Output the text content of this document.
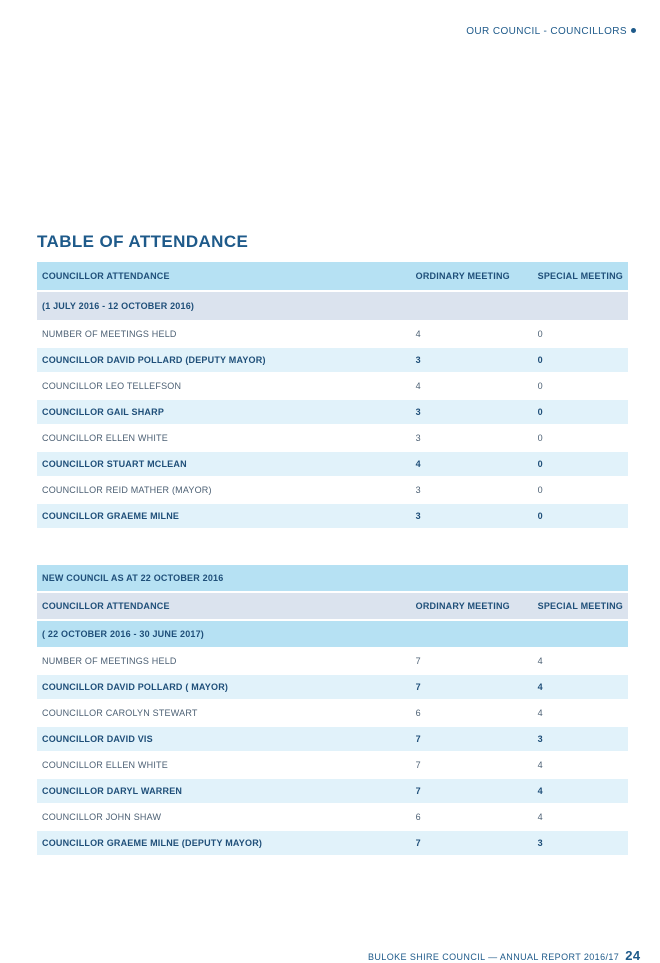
OUR COUNCIL - COUNCILLORS
TABLE OF ATTENDANCE
COUNCILLOR ATTENDANCE	ORDINARY MEETING	SPECIAL MEETING
(1 JULY 2016 - 12 OCTOBER 2016)		
NUMBER OF MEETINGS HELD	4	0
COUNCILLOR DAVID POLLARD (DEPUTY MAYOR)	3	0
COUNCILLOR LEO TELLEFSON	4	0
COUNCILLOR GAIL SHARP	3	0
COUNCILLOR ELLEN WHITE	3	0
COUNCILLOR STUART MCLEAN	4	0
COUNCILLOR REID MATHER (MAYOR)	3	0
COUNCILLOR GRAEME MILNE	3	0
NEW COUNCIL AS AT 22 OCTOBER 2016		
COUNCILLOR ATTENDANCE	ORDINARY MEETING	SPECIAL MEETING
( 22 OCTOBER 2016 - 30 JUNE 2017)		
NUMBER OF MEETINGS HELD	7	4
COUNCILLOR DAVID POLLARD ( MAYOR)	7	4
COUNCILLOR CAROLYN STEWART	6	4
COUNCILLOR DAVID VIS	7	3
COUNCILLOR ELLEN WHITE	7	4
COUNCILLOR DARYL WARREN	7	4
COUNCILLOR JOHN SHAW	6	4
COUNCILLOR GRAEME MILNE (DEPUTY MAYOR)	7	3
BULOKE SHIRE COUNCIL — ANNUAL REPORT 2016/17 24
